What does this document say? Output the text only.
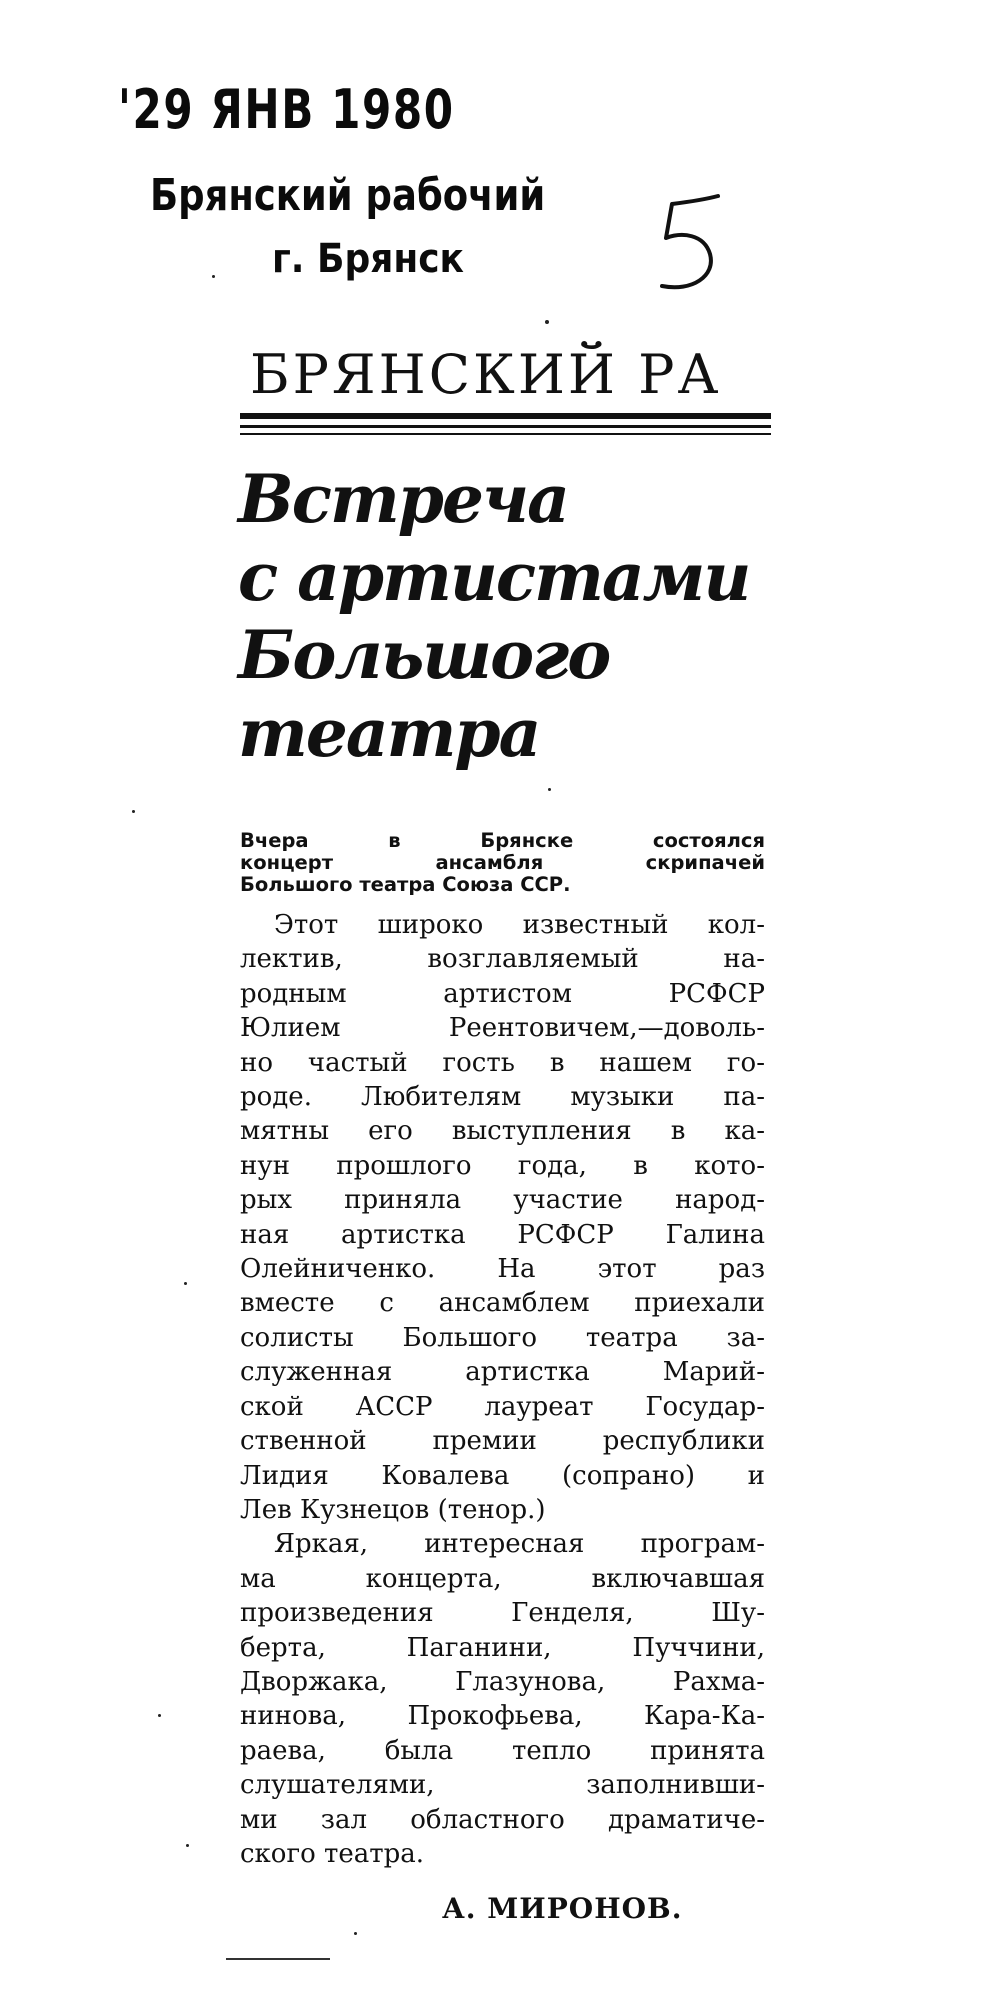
'29 ЯНВ 1980
Брянский рабочий
г. Брянск
БРЯНСКИЙ РА
Встреча
с артистами
Большого
театра
Вчера в Брянске состоялся
концерт ансамбля скрипачей
Большого театра Союза ССР.
Этот широко известный кол-
лектив, возглавляемый на-
родным артистом РСФСР
Юлием Реентовичем,—доволь-
но частый гость в нашем го-
роде. Любителям музыки па-
мятны его выступления в ка-
нун прошлого года, в кото-
рых приняла участие народ-
ная артистка РСФСР Галина
Олейниченко. На этот раз
вместе с ансамблем приехали
солисты Большого театра за-
служенная артистка Марий-
ской АССР лауреат Государ-
ственной премии республики
Лидия Ковалева (сопрано) и
Лев Кузнецов (тенор.)
Яркая, интересная програм-
ма концерта, включавшая
произведения Генделя, Шу-
берта, Паганини, Пуччини,
Дворжака, Глазунова, Рахма-
нинова, Прокофьева, Кара-Ка-
раева, была тепло принята
слушателями, заполнивши-
ми зал областного драматиче-
ского театра.
А. МИРОНОВ.
